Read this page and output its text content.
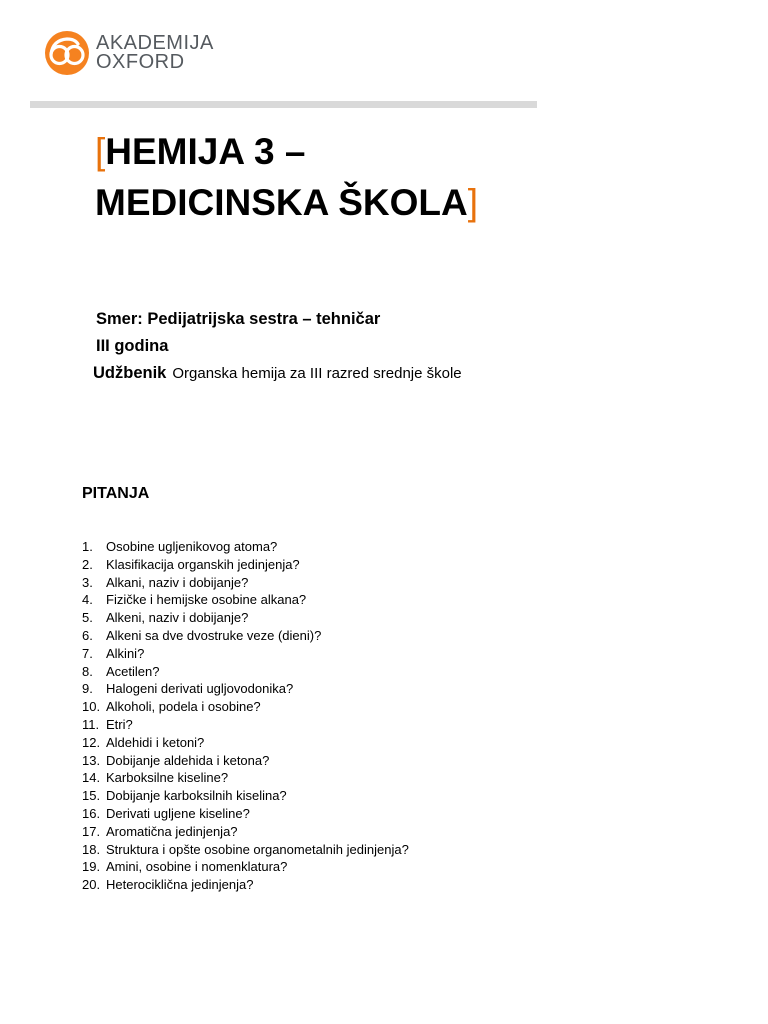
AKADEMIJA
OXFORD
[HEMIJA 3 –
MEDICINSKA ŠKOLA]
Smer: Pedijatrijska sestra – tehničar
III godina
Udžbenik Organska hemija za III razred srednje škole
PITANJA
1. Osobine ugljenikovog atoma?
2. Klasifikacija organskih jedinjenja?
3. Alkani, naziv i dobijanje?
4. Fizičke i hemijske osobine alkana?
5. Alkeni, naziv i dobijanje?
6. Alkeni sa dve dvostruke veze (dieni)?
7. Alkini?
8. Acetilen?
9. Halogeni derivati ugljovodonika?
10. Alkoholi, podela i osobine?
11. Etri?
12. Aldehidi i ketoni?
13. Dobijanje aldehida i ketona?
14. Karboksilne kiseline?
15. Dobijanje karboksilnih kiselina?
16. Derivati ugljene kiseline?
17. Aromatična jedinjenja?
18. Struktura i opšte osobine organometalnih jedinjenja?
19. Amini, osobine i nomenklatura?
20. Heterociklična jedinjenja?
